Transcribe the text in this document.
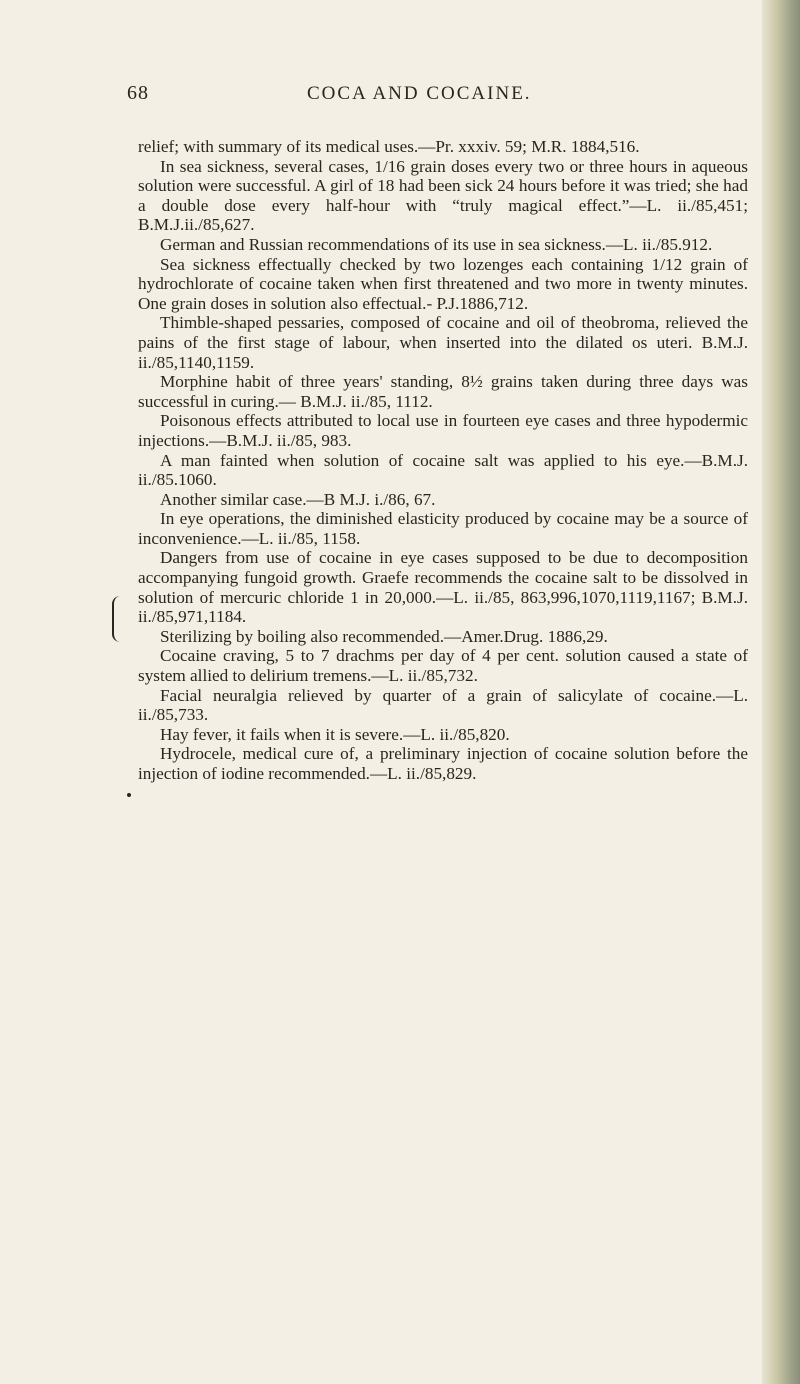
68	COCA AND COCAINE.

relief; with summary of its medical uses.—Pr. xxxiv. 59; M.R. 1884,516.

In sea sickness, several cases, 1/16 grain doses every two or three hours in aqueous solution were successful. A girl of 18 had been sick 24 hours before it was tried; she had a double dose every half-hour with “truly magical effect.”—L. ii./85,451; B.M.J.ii./85,627.

German and Russian recommendations of its use in sea sickness.—L. ii./85.912.

Sea sickness effectually checked by two lozenges each containing 1/12 grain of hydrochlorate of cocaine taken when first threatened and two more in twenty minutes. One grain doses in solution also effectual.- P.J.1886,712.

Thimble-shaped pessaries, composed of cocaine and oil of theobroma, relieved the pains of the first stage of labour, when inserted into the dilated os uteri. B.M.J. ii./85,1140,1159.

Morphine habit of three years' standing, 8½ grains taken during three days was successful in curing.— B.M.J. ii./85, 1112.

Poisonous effects attributed to local use in fourteen eye cases and three hypodermic injections.—B.M.J. ii./85, 983.

A man fainted when solution of cocaine salt was applied to his eye.—B.M.J. ii./85.1060.

Another similar case.—B M.J. i./86, 67.

In eye operations, the diminished elasticity produced by cocaine may be a source of inconvenience.—L. ii./85, 1158.

Dangers from use of cocaine in eye cases supposed to be due to decomposition accompanying fungoid growth. Graefe recommends the cocaine salt to be dissolved in solution of mercuric chloride 1 in 20,000.—L. ii./85, 863,996,1070,1119,1167; B.M.J. ii./85,971,1184.

Sterilizing by boiling also recommended.—Amer.Drug. 1886,29.

Cocaine craving, 5 to 7 drachms per day of 4 per cent. solution caused a state of system allied to delirium tremens.—L. ii./85,732.

Facial neuralgia relieved by quarter of a grain of salicylate of cocaine.—L. ii./85,733.

Hay fever, it fails when it is severe.—L. ii./85,820.

Hydrocele, medical cure of, a preliminary injection of cocaine solution before the injection of iodine recommended.—L. ii./85,829.
